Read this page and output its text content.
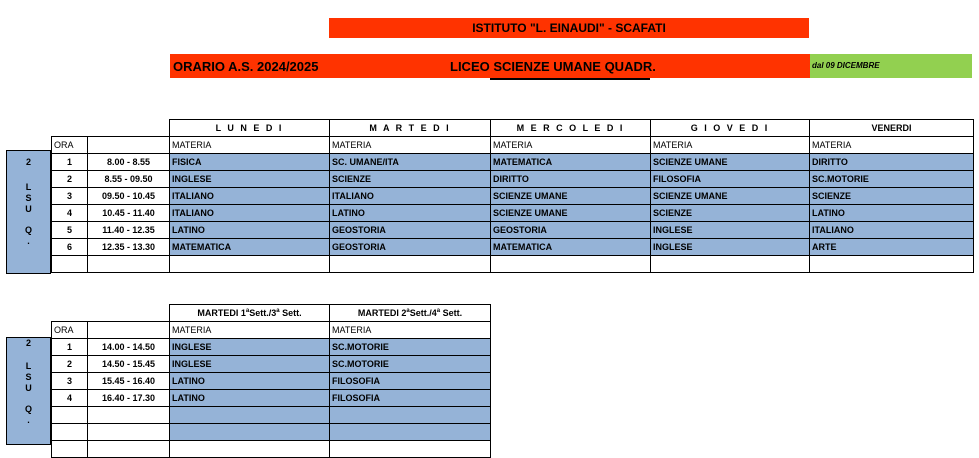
ISTITUTO "L. EINAUDI" - SCAFATI
ORARIO A.S. 2024/2025	LICEO SCIENZE UMANE QUADR.	dal 09 DICEMBRE
2
L
S
U
Q
.
2
L
S
U
Q
.
		L U N E D I	M A R T E D I	M E R C O L E D I	G I O V E D I	VENERDI
ORA		MATERIA	MATERIA	MATERIA	MATERIA	MATERIA
1	8.00 - 8.55	FISICA	SC. UMANE/ITA	MATEMATICA	SCIENZE UMANE	DIRITTO
2	8.55 - 09.50	INGLESE	SCIENZE	DIRITTO	FILOSOFIA	SC.MOTORIE
3	09.50 - 10.45	ITALIANO	ITALIANO	SCIENZE UMANE	SCIENZE UMANE	SCIENZE
4	10.45 - 11.40	ITALIANO	LATINO	SCIENZE UMANE	SCIENZE	LATINO
5	11.40 - 12.35	LATINO	GEOSTORIA	GEOSTORIA	INGLESE	ITALIANO
6	12.35 - 13.30	MATEMATICA	GEOSTORIA	MATEMATICA	INGLESE	ARTE

		MARTEDI 1$^a$Sett./3$^a$ Sett.	MARTEDI 2$^a$Sett./4$^a$ Sett.
ORA		MATERIA	MATERIA
1	14.00 - 14.50	INGLESE	SC.MOTORIE
2	14.50 - 15.45	INGLESE	SC.MOTORIE
3	15.45 - 16.40	LATINO	FILOSOFIA
4	16.40 - 17.30	LATINO	FILOSOFIA
